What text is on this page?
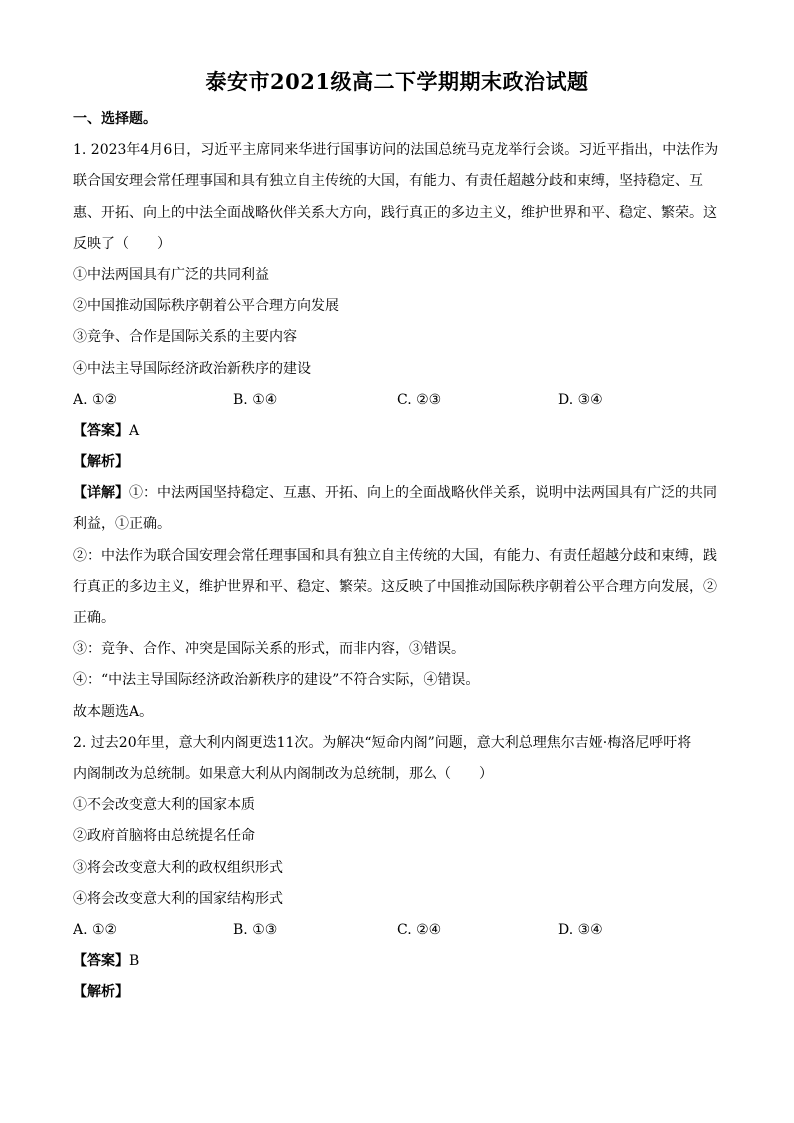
泰安市2021级高二下学期期末政治试题
一、选择题。
1. 2023年4月6日，习近平主席同来华进行国事访问的法国总统马克龙举行会谈。习近平指出，中法作为
联合国安理会常任理事国和具有独立自主传统的大国，有能力、有责任超越分歧和束缚，坚持稳定、互
惠、开拓、向上的中法全面战略伙伴关系大方向，践行真正的多边主义，维护世界和平、稳定、繁荣。这
反映了（　　）
①中法两国具有广泛的共同利益
②中国推动国际秩序朝着公平合理方向发展
③竞争、合作是国际关系的主要内容
④中法主导国际经济政治新秩序的建设
A. ①②	B. ①④	C. ②③	D. ③④
【答案】A
【解析】
【详解】①：中法两国坚持稳定、互惠、开拓、向上的全面战略伙伴关系，说明中法两国具有广泛的共同
利益，①正确。
②：中法作为联合国安理会常任理事国和具有独立自主传统的大国，有能力、有责任超越分歧和束缚，践
行真正的多边主义，维护世界和平、稳定、繁荣。这反映了中国推动国际秩序朝着公平合理方向发展，②
正确。
③：竞争、合作、冲突是国际关系的形式，而非内容，③错误。
④：“中法主导国际经济政治新秩序的建设”不符合实际，④错误。
故本题选A。
2. 过去20年里，意大利内阁更迭11次。为解决“短命内阁”问题，意大利总理焦尔吉娅·梅洛尼呼吁将
内阁制改为总统制。如果意大利从内阁制改为总统制，那么（　　）
①不会改变意大利的国家本质
②政府首脑将由总统提名任命
③将会改变意大利的政权组织形式
④将会改变意大利的国家结构形式
A. ①②	B. ①③	C. ②④	D. ③④
【答案】B
【解析】
